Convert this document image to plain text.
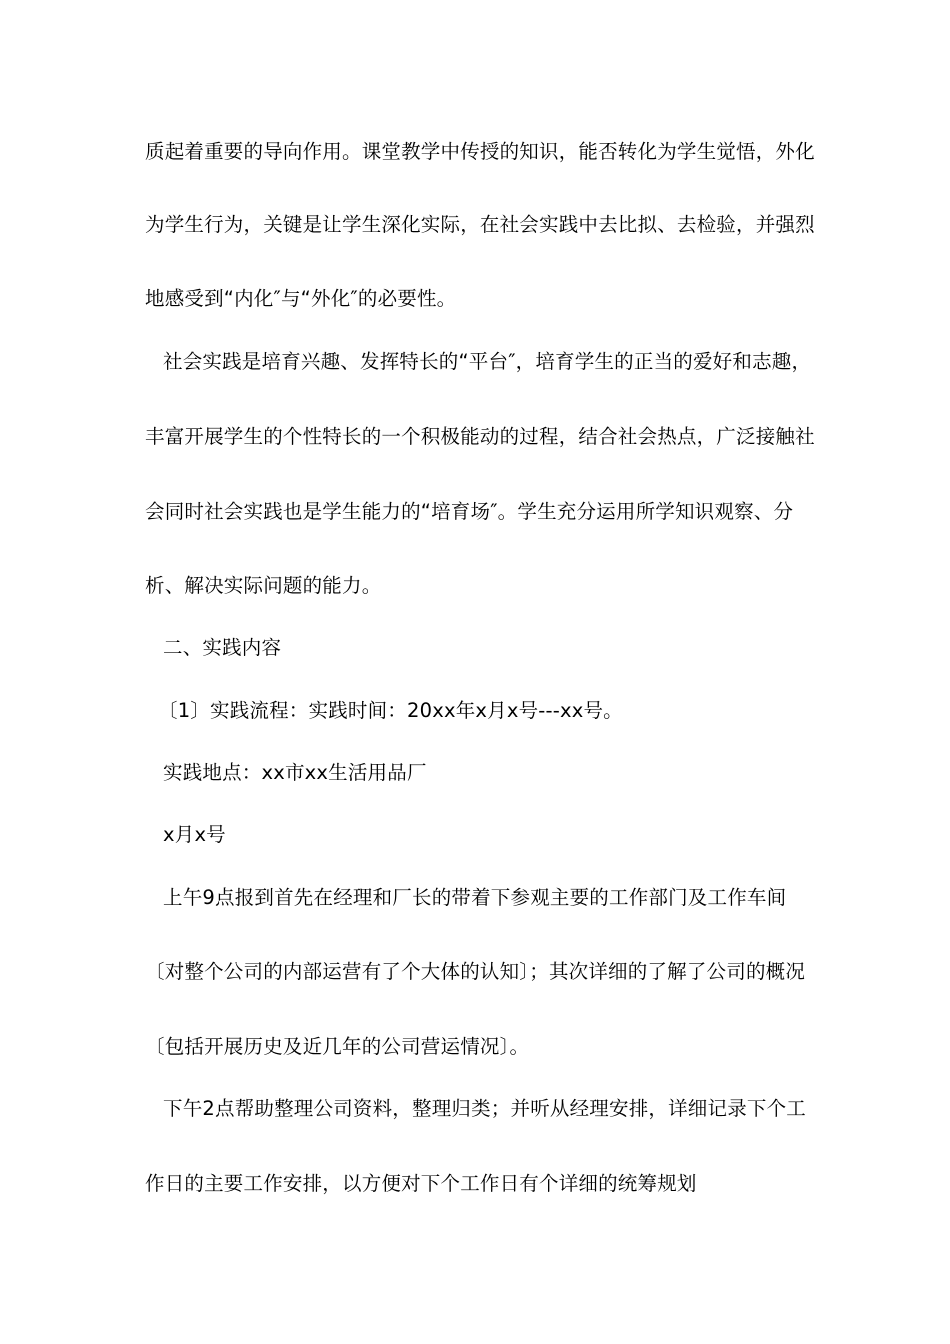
质起着重要的导向作用。课堂教学中传授的知识，能否转化为学生觉悟，外化
为学生行为，关键是让学生深化实际，在社会实践中去比拟、去检验，并强烈
地感受到“内化″与“外化″的必要性。
社会实践是培育兴趣、发挥特长的“平台″，培育学生的正当的爱好和志趣，
丰富开展学生的个性特长的一个积极能动的过程，结合社会热点，广泛接触社
会同时社会实践也是学生能力的“培育场″。学生充分运用所学知识观察、分
析、解决实际问题的能力。
二、实践内容
〔1〕实践流程：实践时间：20xx年x月x号---xx号。
实践地点：xx市xx生活用品厂
x月x号
上午9点报到首先在经理和厂长的带着下参观主要的工作部门及工作车间
〔对整个公司的内部运营有了个大体的认知〕；其次详细的了解了公司的概况
〔包括开展历史及近几年的公司营运情况〕。
下午2点帮助整理公司资料，整理归类；并听从经理安排，详细记录下个工
作日的主要工作安排，以方便对下个工作日有个详细的统筹规划
